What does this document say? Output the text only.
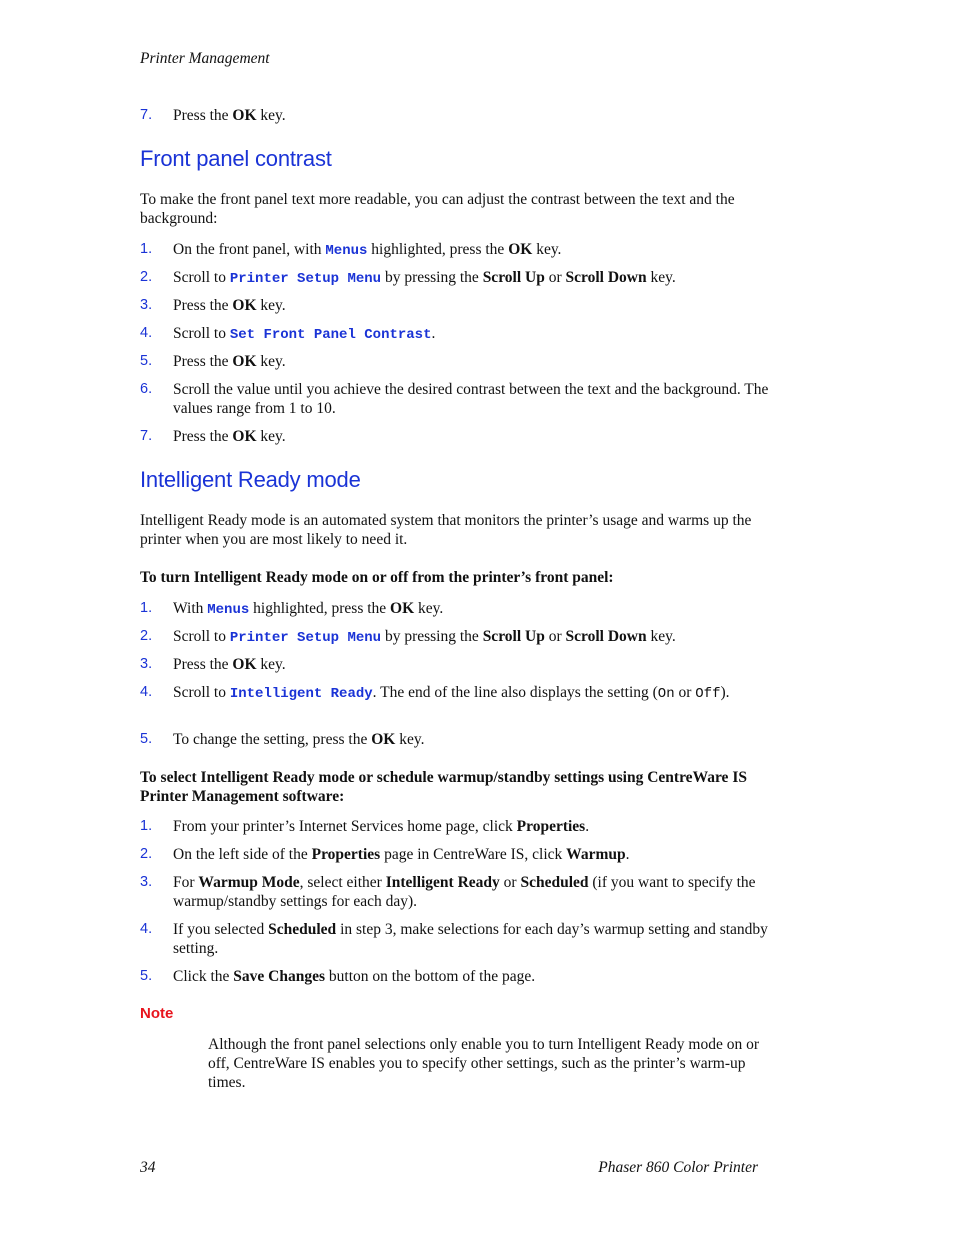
Printer Management
7. Press the OK key.
Front panel contrast
To make the front panel text more readable, you can adjust the contrast between the text and the background:
1. On the front panel, with Menus highlighted, press the OK key.
2. Scroll to Printer Setup Menu by pressing the Scroll Up or Scroll Down key.
3. Press the OK key.
4. Scroll to Set Front Panel Contrast.
5. Press the OK key.
6. Scroll the value until you achieve the desired contrast between the text and the background. The values range from 1 to 10.
7. Press the OK key.
Intelligent Ready mode
Intelligent Ready mode is an automated system that monitors the printer’s usage and warms up the printer when you are most likely to need it.
To turn Intelligent Ready mode on or off from the printer’s front panel:
1. With Menus highlighted, press the OK key.
2. Scroll to Printer Setup Menu by pressing the Scroll Up or Scroll Down key.
3. Press the OK key.
4. Scroll to Intelligent Ready. The end of the line also displays the setting (On or Off).
5. To change the setting, press the OK key.
To select Intelligent Ready mode or schedule warmup/standby settings using CentreWare IS Printer Management software:
1. From your printer’s Internet Services home page, click Properties.
2. On the left side of the Properties page in CentreWare IS, click Warmup.
3. For Warmup Mode, select either Intelligent Ready or Scheduled (if you want to specify the warmup/standby settings for each day).
4. If you selected Scheduled in step 3, make selections for each day’s warmup setting and standby setting.
5. Click the Save Changes button on the bottom of the page.
Note
Although the front panel selections only enable you to turn Intelligent Ready mode on or off, CentreWare IS enables you to specify other settings, such as the printer’s warm-up times.
34	Phaser 860 Color Printer
